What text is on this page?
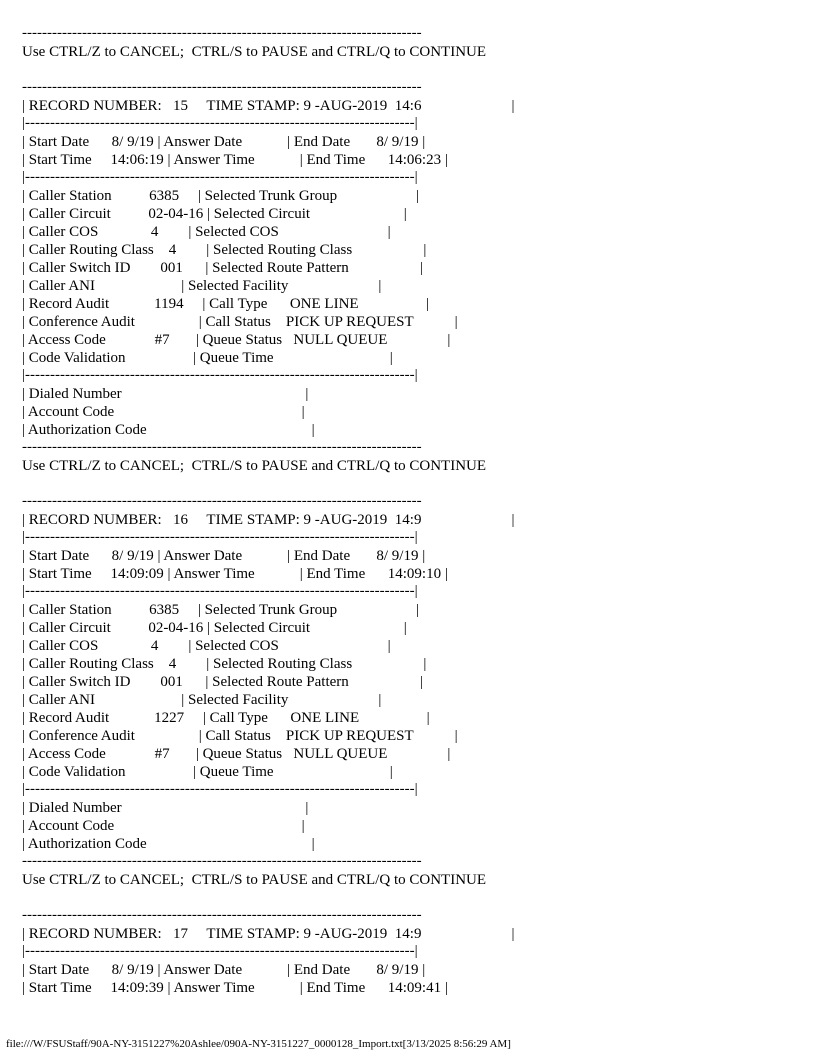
--------------------------------------------------------------------------------
Use CTRL/Z to CANCEL;  CTRL/S to PAUSE and CTRL/Q to CONTINUE
--------------------------------------------------------------------------------
| RECORD NUMBER:   15     TIME STAMP: 9 -AUG-2019  14:6                        |
|------------------------------------------------------------------------------|
| Start Date      8/ 9/19 | Answer Date            | End Date       8/ 9/19 |
| Start Time     14:06:19 | Answer Time            | End Time      14:06:23 |
|------------------------------------------------------------------------------|
| Caller Station          6385     | Selected Trunk Group                     |
| Caller Circuit          02-04-16 | Selected Circuit                         |
| Caller COS              4        | Selected COS                             |
| Caller Routing Class    4        | Selected Routing Class                   |
| Caller Switch ID        001      | Selected Route Pattern                   |
| Caller ANI                       | Selected Facility                        |
| Record Audit            1194     | Call Type      ONE LINE                  |
| Conference Audit                 | Call Status    PICK UP REQUEST           |
| Access Code             #7       | Queue Status   NULL QUEUE                |
| Code Validation                  | Queue Time                               |
|------------------------------------------------------------------------------|
| Dialed Number                                                 |
| Account Code                                                  |
| Authorization Code                                            |
--------------------------------------------------------------------------------
Use CTRL/Z to CANCEL;  CTRL/S to PAUSE and CTRL/Q to CONTINUE
--------------------------------------------------------------------------------
| RECORD NUMBER:   16     TIME STAMP: 9 -AUG-2019  14:9                        |
|------------------------------------------------------------------------------|
| Start Date      8/ 9/19 | Answer Date            | End Date       8/ 9/19 |
| Start Time     14:09:09 | Answer Time            | End Time      14:09:10 |
|------------------------------------------------------------------------------|
| Caller Station          6385     | Selected Trunk Group                     |
| Caller Circuit          02-04-16 | Selected Circuit                         |
| Caller COS              4        | Selected COS                             |
| Caller Routing Class    4        | Selected Routing Class                   |
| Caller Switch ID        001      | Selected Route Pattern                   |
| Caller ANI                       | Selected Facility                        |
| Record Audit            1227     | Call Type      ONE LINE                  |
| Conference Audit                 | Call Status    PICK UP REQUEST           |
| Access Code             #7       | Queue Status   NULL QUEUE                |
| Code Validation                  | Queue Time                               |
|------------------------------------------------------------------------------|
| Dialed Number                                                 |
| Account Code                                                  |
| Authorization Code                                            |
--------------------------------------------------------------------------------
Use CTRL/Z to CANCEL;  CTRL/S to PAUSE and CTRL/Q to CONTINUE
--------------------------------------------------------------------------------
| RECORD NUMBER:   17     TIME STAMP: 9 -AUG-2019  14:9                        |
|------------------------------------------------------------------------------|
| Start Date      8/ 9/19 | Answer Date            | End Date       8/ 9/19 |
| Start Time     14:09:39 | Answer Time            | End Time      14:09:41 |
file:///W/FSUStaff/90A-NY-3151227%20Ashlee/090A-NY-3151227_0000128_Import.txt[3/13/2025 8:56:29 AM]
